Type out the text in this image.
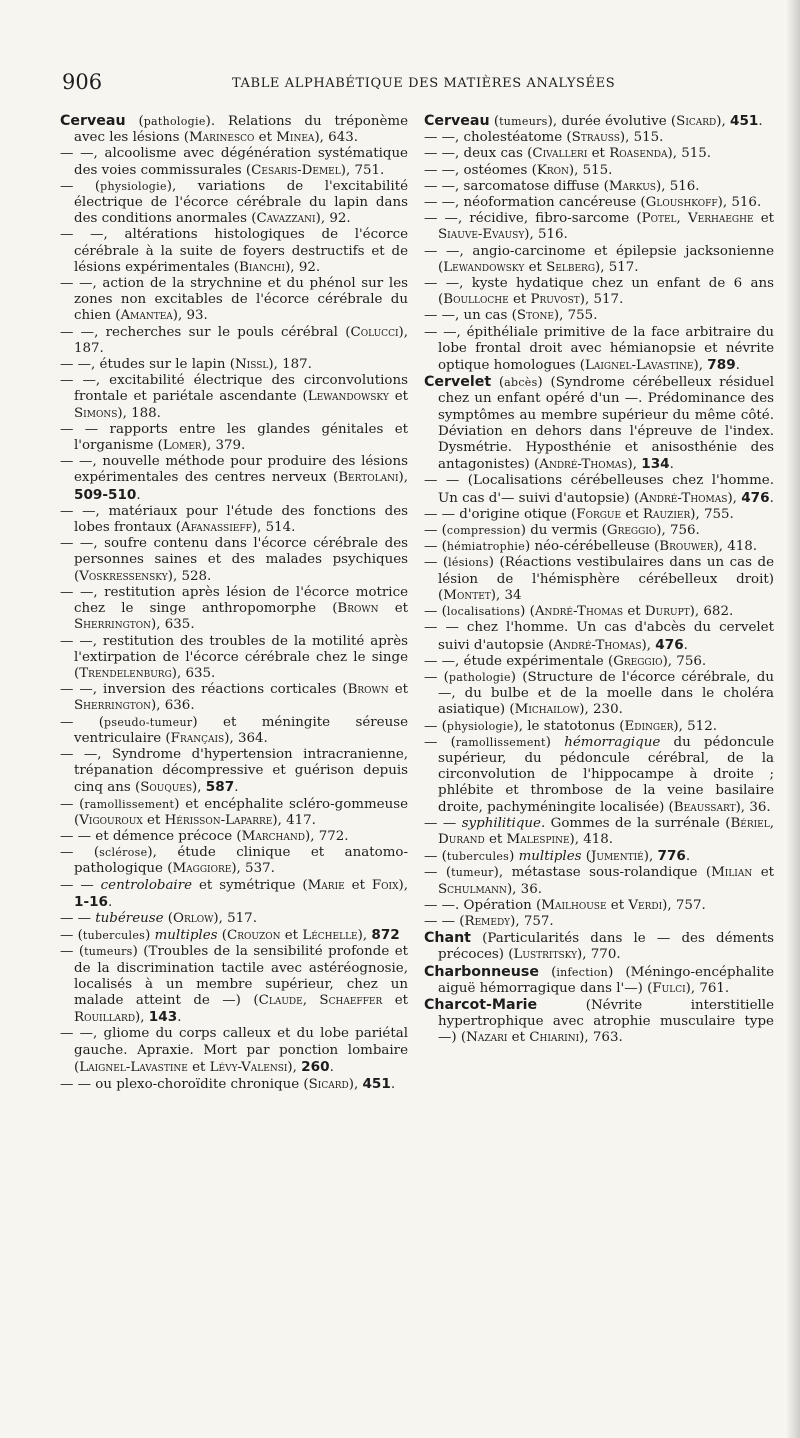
906	TABLE ALPHABÉTIQUE DES MATIÈRES ANALYSÉES

Cerveau (pathologie). Relations du tréponème avec les lésions (Marinesco et Minea), 643.

— —, alcoolisme avec dégénération systématique des voies commissurales (Cesaris-Demel), 751.

— (physiologie), variations de l'excitabilité électrique de l'écorce cérébrale du lapin dans des conditions anormales (Cavazzani), 92.

— —, altérations histologiques de l'écorce cérébrale à la suite de foyers destructifs et de lésions expérimentales (Bianchi), 92.

— —, action de la strychnine et du phénol sur les zones non excitables de l'écorce cérébrale du chien (Amantea), 93.

— —, recherches sur le pouls cérébral (Colucci), 187.

— —, études sur le lapin (Nissl), 187.

— —, excitabilité électrique des circonvolutions frontale et pariétale ascendante (Lewandowsky et Simons), 188.

— — rapports entre les glandes génitales et l'organisme (Lomer), 379.

— —, nouvelle méthode pour produire des lésions expérimentales des centres nerveux (Bertolani), 509-510.

— —, matériaux pour l'étude des fonctions des lobes frontaux (Afanassieff), 514.

— —, soufre contenu dans l'écorce cérébrale des personnes saines et des malades psychiques (Voskressensky), 528.

— —, restitution après lésion de l'écorce motrice chez le singe anthropomorphe (Brown et Sherrington), 635.

— —, restitution des troubles de la motilité après l'extirpation de l'écorce cérébrale chez le singe (Trendelenburg), 635.

— —, inversion des réactions corticales (Brown et Sherrington), 636.

— (pseudo-tumeur) et méningite séreuse ventriculaire (Français), 364.

— —, Syndrome d'hypertension intracranienne, trépanation décompressive et guérison depuis cinq ans (Souques), 587.

— (ramollissement) et encéphalite scléro-gommeuse (Vigouroux et Hérisson-Laparre), 417.

— — et démence précoce (Marchand), 772.

— (sclérose), étude clinique et anatomo-pathologique (Maggiore), 537.

— — centrolobaire et symétrique (Marie et Foix), 1-16.

— — tubéreuse (Orlow), 517.

— (tubercules) multiples (Crouzon et Léchelle), 872

— (tumeurs) (Troubles de la sensibilité profonde et de la discrimination tactile avec astéréognosie, localisés à un membre supérieur, chez un malade atteint de —) (Claude, Schaeffer et Rouillard), 143.

— —, gliome du corps calleux et du lobe pariétal gauche. Apraxie. Mort par ponction lombaire (Laignel-Lavastine et Lévy-Valensi), 260.

— — ou plexo-choroïdite chronique (Sicard), 451.

Cerveau (tumeurs), durée évolutive (Sicard), 451.

— —, cholestéatome (Strauss), 515.

— —, deux cas (Civalleri et Roasenda), 515.

— —, ostéomes (Kron), 515.

— —, sarcomatose diffuse (Markus), 516.

— —, néoformation cancéreuse (Gloushkoff), 516.

— —, récidive, fibro-sarcome (Potel, Verhaeghe et Siauve-Evausy), 516.

— —, angio-carcinome et épilepsie jacksonienne (Lewandowsky et Selberg), 517.

— —, kyste hydatique chez un enfant de 6 ans (Boulloche et Pruvost), 517.

— —, un cas (Stone), 755.

— —, épithéliale primitive de la face arbitraire du lobe frontal droit avec hémianopsie et névrite optique homologues (Laignel-Lavastine), 789.

Cervelet (abcès) (Syndrome cérébelleux résiduel chez un enfant opéré d'un —. Prédominance des symptômes au membre supérieur du même côté. Déviation en dehors dans l'épreuve de l'index. Dysmétrie. Hyposthénie et anisosthénie des antagonistes) (André-Thomas), 134.

— — (Localisations cérébelleuses chez l'homme. Un cas d'— suivi d'autopsie) (André-Thomas), 476.

— — d'origine otique (Forgue et Rauzier), 755.

— (compression) du vermis (Greggio), 756.

— (hémiatrophie) néo-cérébelleuse (Brouwer), 418.

— (lésions) (Réactions vestibulaires dans un cas de lésion de l'hémisphère cérébelleux droit) (Montet), 34

— (localisations) (André-Thomas et Durupt), 682.

— — chez l'homme. Un cas d'abcès du cervelet suivi d'autopsie (André-Thomas), 476.

— —, étude expérimentale (Greggio), 756.

— (pathologie) (Structure de l'écorce cérébrale, du —, du bulbe et de la moelle dans le choléra asiatique) (Michailow), 230.

— (physiologie), le statotonus (Edinger), 512.

— (ramollissement) hémorragique du pédoncule supérieur, du pédoncule cérébral, de la circonvolution de l'hippocampe à droite ; phlébite et thrombose de la veine basilaire droite, pachyméningite localisée) (Beaussart), 36.

— — syphilitique. Gommes de la surrénale (Bériel, Durand et Malespine), 418.

— (tubercules) multiples (Jumentié), 776.

— (tumeur), métastase sous-rolandique (Milian et Schulmann), 36.

— —. Opération (Mailhouse et Verdi), 757.

— — (Remedy), 757.

Chant (Particularités dans le — des déments précoces) (Lustritsky), 770.

Charbonneuse (infection) (Méningo-encéphalite aiguë hémorragique dans l'—) (Fulci), 761.

Charcot-Marie (Névrite interstitielle hypertrophique avec atrophie musculaire type —) (Nazari et Chiarini), 763.
